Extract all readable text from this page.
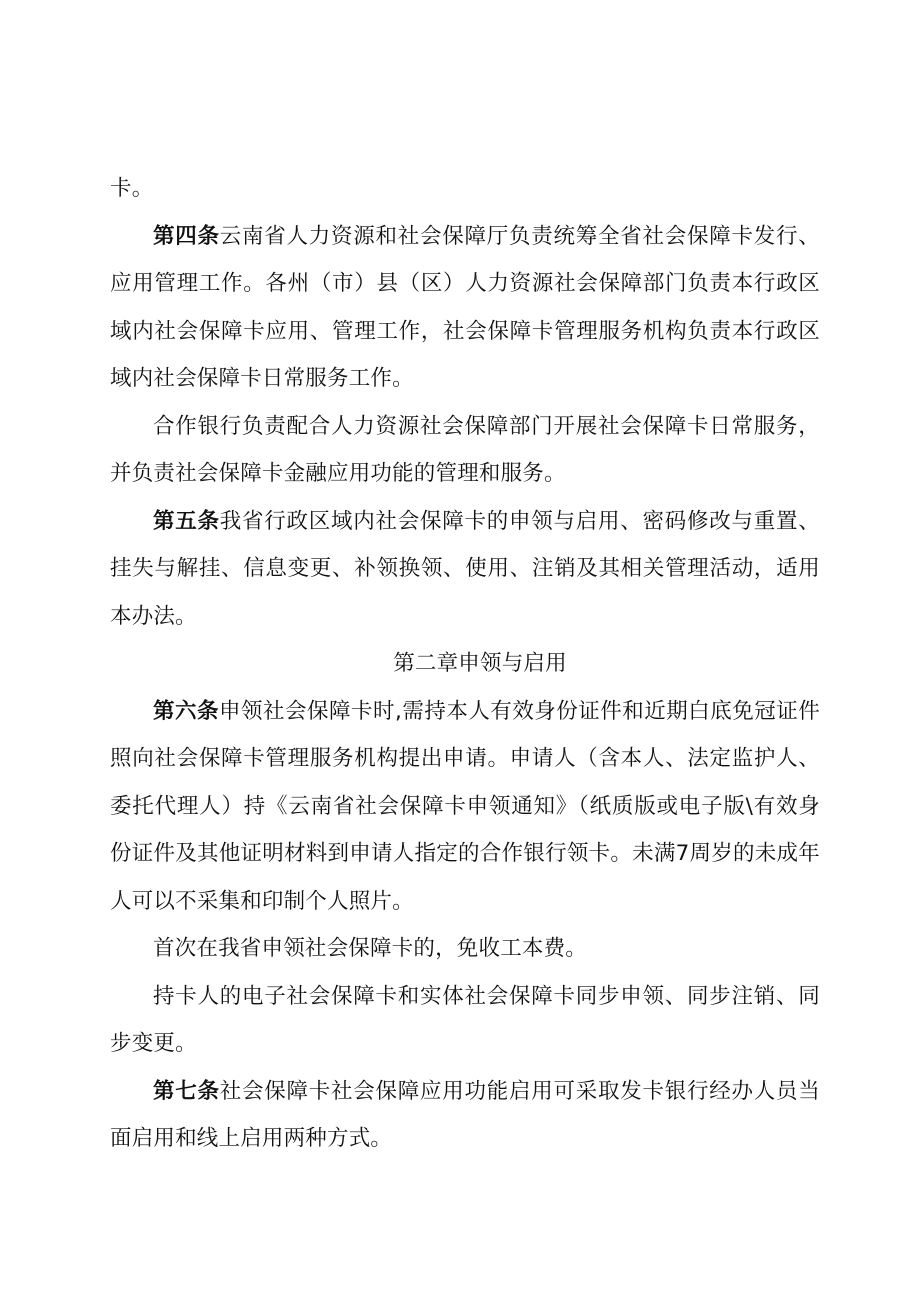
卡。

第四条云南省人力资源和社会保障厅负责统筹全省社会保障卡发行、应用管理工作。各州（市）县（区）人力资源社会保障部门负责本行政区域内社会保障卡应用、管理工作，社会保障卡管理服务机构负责本行政区域内社会保障卡日常服务工作。

合作银行负责配合人力资源社会保障部门开展社会保障卡日常服务，并负责社会保障卡金融应用功能的管理和服务。

第五条我省行政区域内社会保障卡的申领与启用、密码修改与重置、挂失与解挂、信息变更、补领换领、使用、注销及其相关管理活动，适用本办法。

第二章申领与启用

第六条申领社会保障卡时,需持本人有效身份证件和近期白底免冠证件照向社会保障卡管理服务机构提出申请。申请人（含本人、法定监护人、委托代理人）持《云南省社会保障卡申领通知》（纸质版或电子版\有效身份证件及其他证明材料到申请人指定的合作银行领卡。未满7周岁的未成年人可以不采集和印制个人照片。

首次在我省申领社会保障卡的，免收工本费。

持卡人的电子社会保障卡和实体社会保障卡同步申领、同步注销、同步变更。

第七条社会保障卡社会保障应用功能启用可采取发卡银行经办人员当面启用和线上启用两种方式。
